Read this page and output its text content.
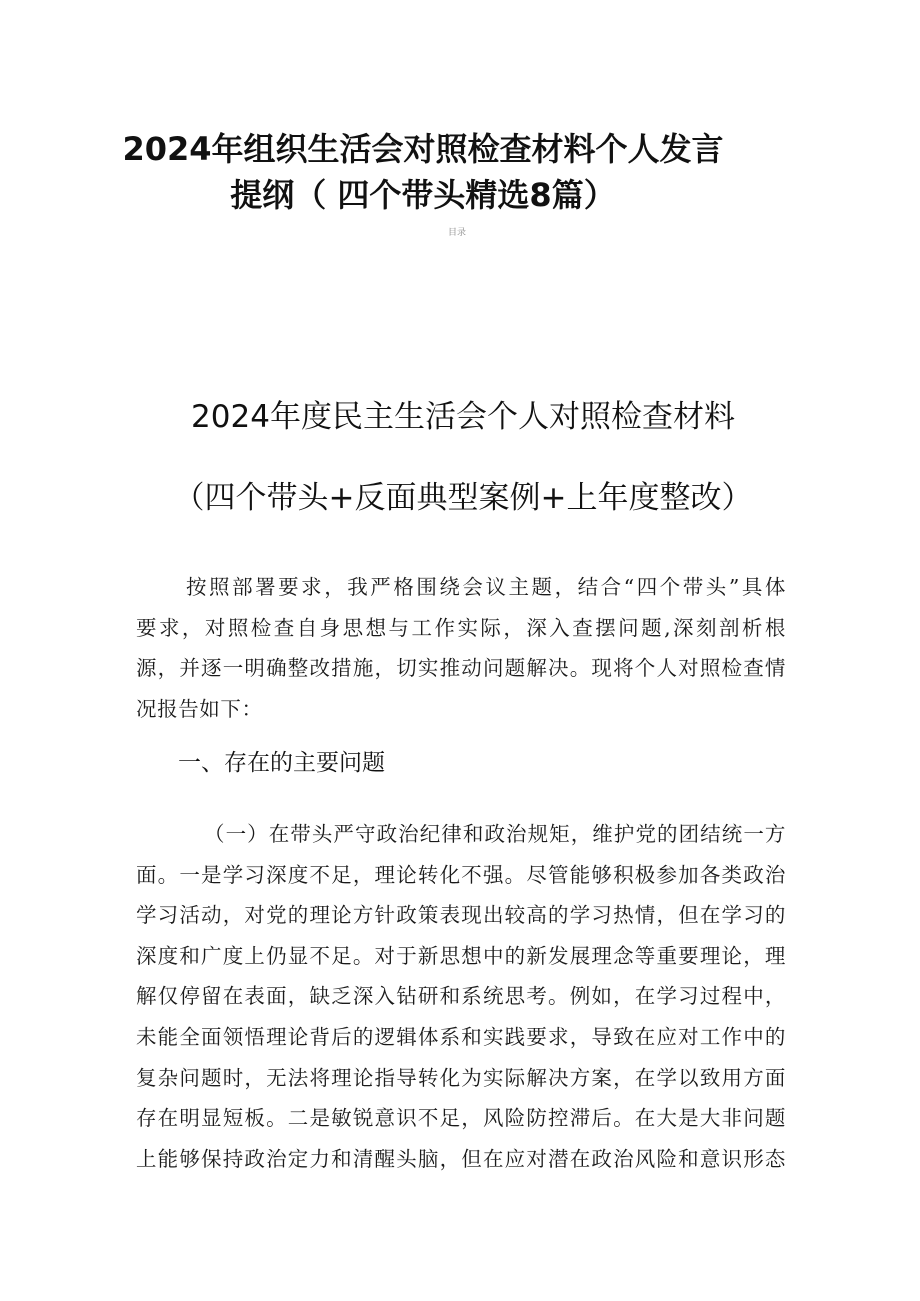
2024年组织生活会对照检查材料个人发言
提纲（ 四个带头精选8篇）
目录
2024年度民主生活会个人对照检查材料
（四个带头+反面典型案例+上年度整改）
按照部署要求，我严格围绕会议主题，结合“四个带头”具体
要求，对照检查自身思想与工作实际，深入查摆问题,深刻剖析根
源，并逐一明确整改措施，切实推动问题解决。现将个人对照检查情
况报告如下：
一、存在的主要问题
（一）在带头严守政治纪律和政治规矩，维护党的团结统一方
面。一是学习深度不足，理论转化不强。尽管能够积极参加各类政治
学习活动，对党的理论方针政策表现出较高的学习热情，但在学习的
深度和广度上仍显不足。对于新思想中的新发展理念等重要理论，理
解仅停留在表面，缺乏深入钻研和系统思考。例如，在学习过程中，
未能全面领悟理论背后的逻辑体系和实践要求，导致在应对工作中的
复杂问题时，无法将理论指导转化为实际解决方案，在学以致用方面
存在明显短板。二是敏锐意识不足，风险防控滞后。在大是大非问题
上能够保持政治定力和清醒头脑，但在应对潜在政治风险和意识形态
